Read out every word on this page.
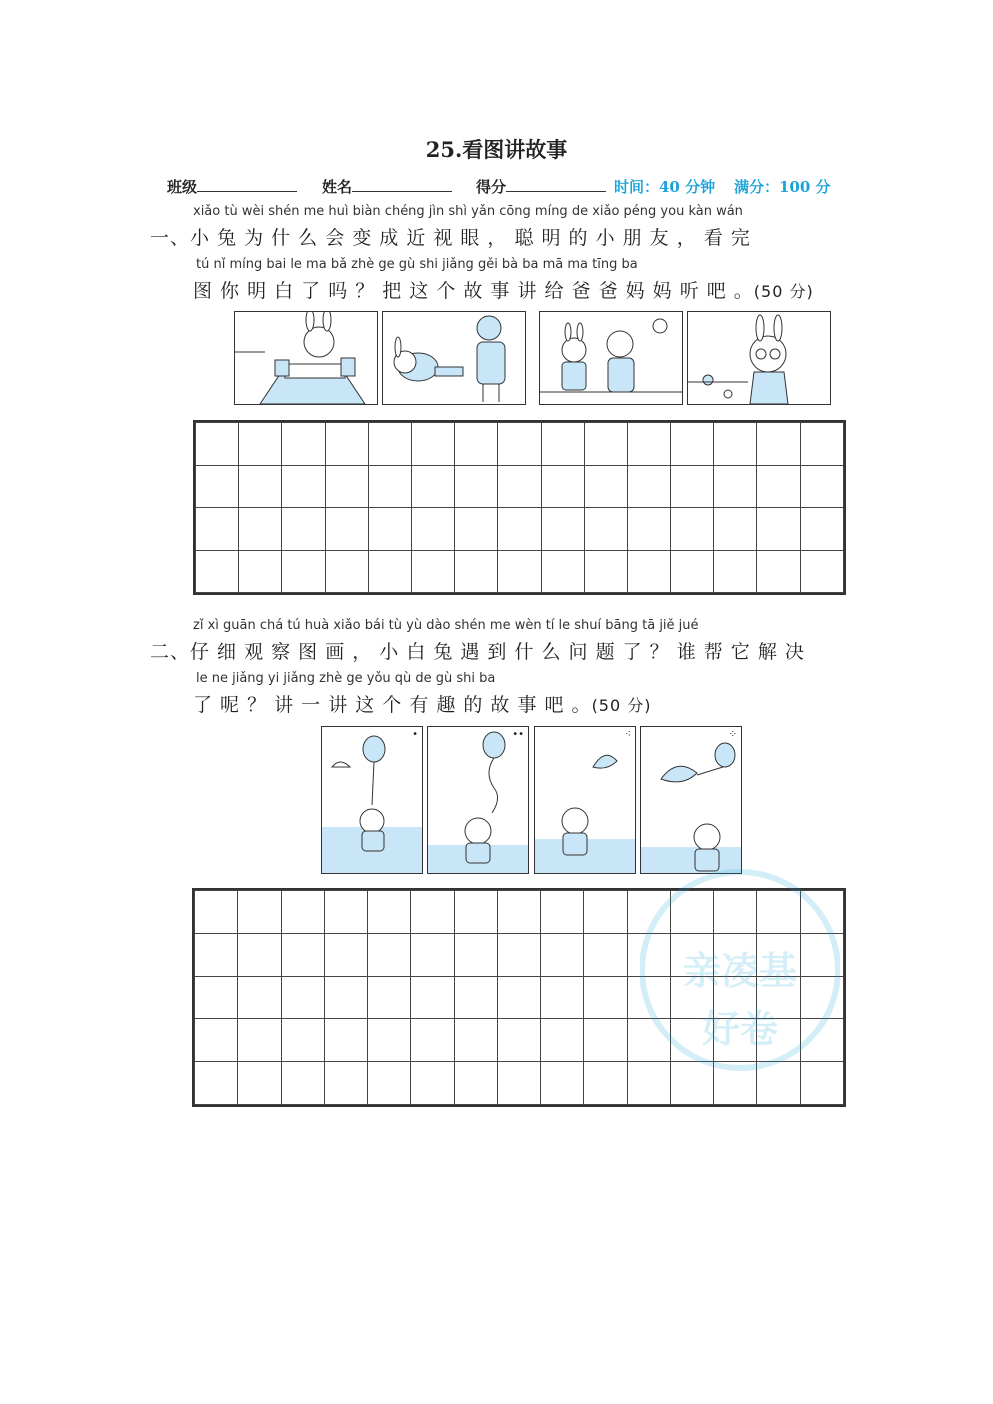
25.看图讲故事
班级	姓名	得分	时间：40 分钟 满分：100 分
xiǎo tù wèi shén me huì biàn chéng jìn shì yǎn cōng míng de xiǎo péng you kàn wán
一、小 兔 为 什 么 会 变 成 近 视 眼 ， 聪 明 的 小 朋 友 ， 看 完
tú nǐ míng bai le ma bǎ zhè ge gù shi jiǎng gěi bà ba mā ma tīng ba
图 你 明 白 了 吗 ？ 把 这 个 故 事 讲 给 爸 爸 妈 妈 听 吧 。(50 分)

zǐ xì guān chá tú huà xiǎo bái tù yù dào shén me wèn tí le shuí bāng tā jiě jué
二、仔 细 观 察 图 画 ， 小 白 兔 遇 到 什 么 问 题 了 ？ 谁 帮 它 解 决
le ne jiǎng yi jiǎng zhè ge yǒu qù de gù shi ba
了 呢 ？ 讲 一 讲 这 个 有 趣 的 故 事 吧 。(50 分)
•	••	⁖	⁘

亲凌基
好卷
